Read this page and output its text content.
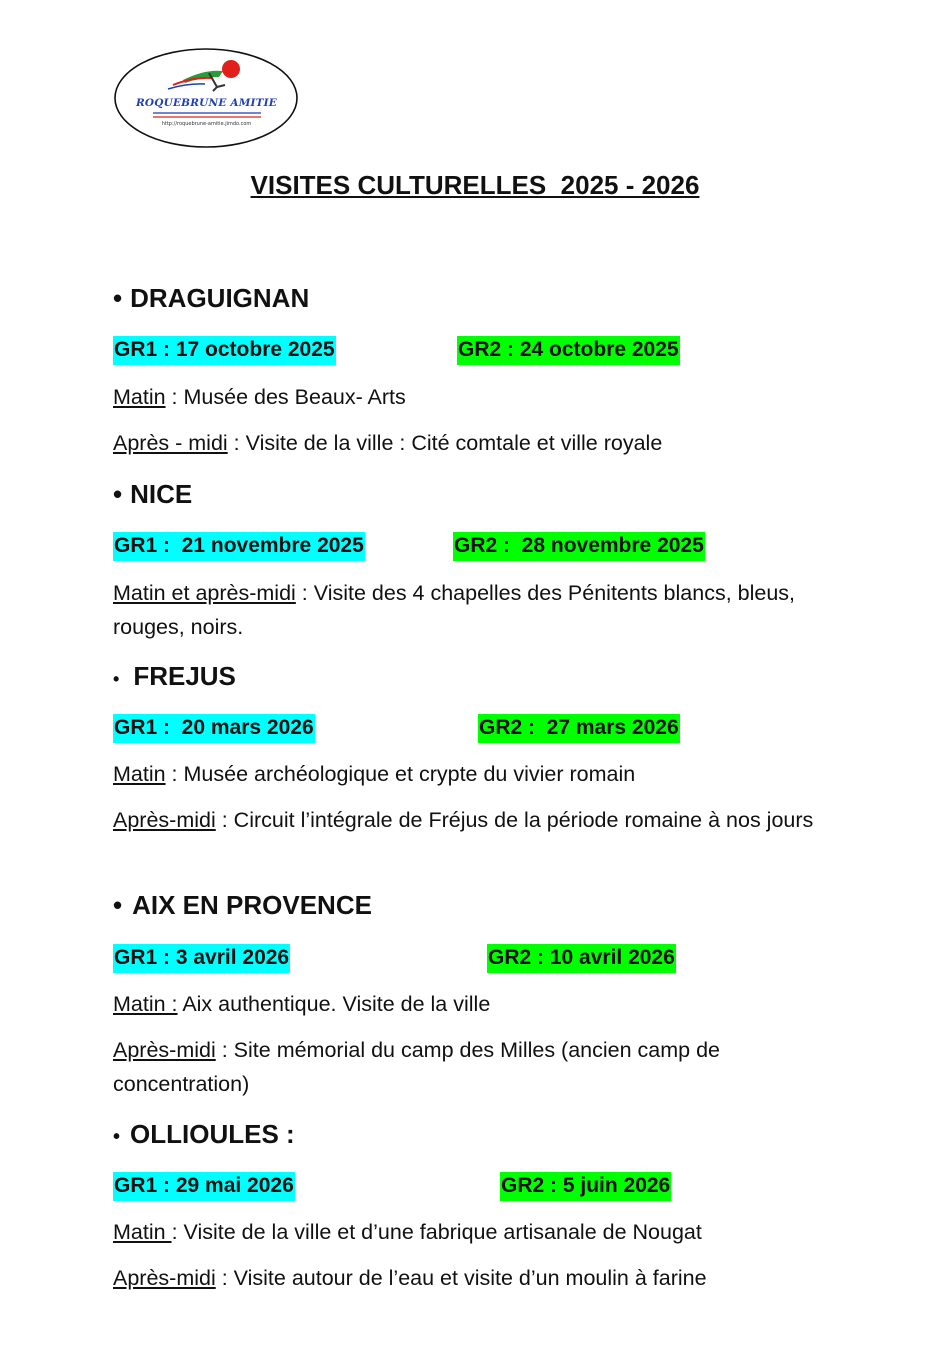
ROQUEBRUNE AMITIE
http://roquebrune-amitie.jimdo.com
VISITES CULTURELLES  2025 - 2026
• DRAGUIGNAN
GR1 : 17 octobre 2025	GR2 : 24 octobre 2025
Matin : Musée des Beaux- Arts
Après - midi : Visite de la ville : Cité comtale et ville royale
• NICE
GR1 :  21 novembre 2025	GR2 :  28 novembre 2025
Matin et après-midi : Visite des 4 chapelles des Pénitents blancs, bleus, rouges, noirs.
• FREJUS
GR1 :  20 mars 2026	GR2 :  27 mars 2026
Matin : Musée archéologique et crypte du vivier romain
Après-midi : Circuit l’intégrale de Fréjus de la période romaine à nos jours
• AIX EN PROVENCE
GR1 : 3 avril 2026	GR2 : 10 avril 2026
Matin : Aix authentique. Visite de la ville
Après-midi : Site mémorial du camp des Milles (ancien camp de concentration)
• OLLIOULES :
GR1 : 29 mai 2026	GR2 : 5 juin 2026
Matin : Visite de la ville et d’une fabrique artisanale de Nougat
Après-midi : Visite autour de l’eau et visite d’un moulin à farine
